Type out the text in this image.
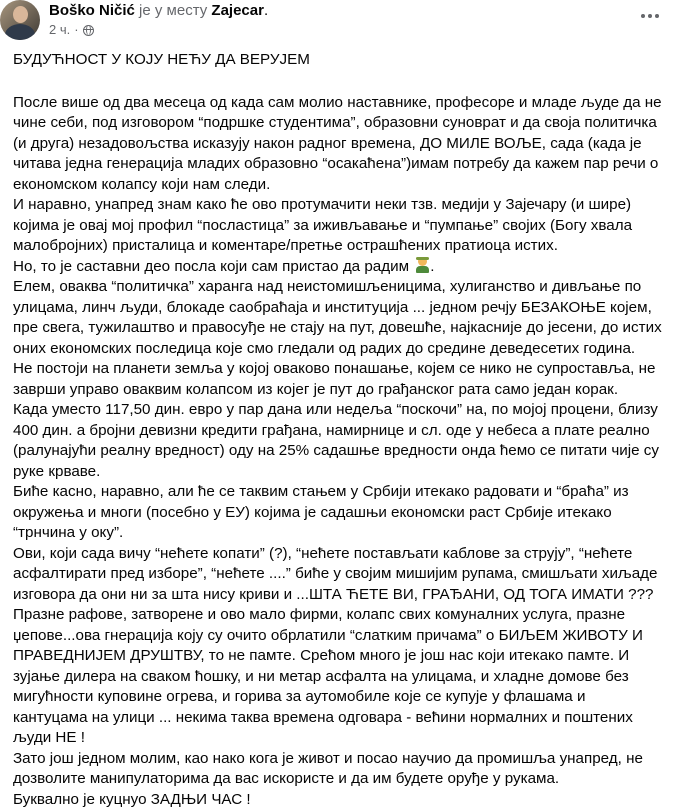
Boško Ničić је у месту Zajecar.
2 ч. ·
БУДУЋНОСТ У КОЈУ НЕЋУ ДА ВЕРУЈЕМ

После више од два месеца од када сам молио наставнике, професоре и младе људе да не чине себи, под изговором “подршке студентима”, образовни суноврат и да своја политичка (и друга) незадовољства исказују након радног времена, ДО МИЛЕ ВОЉЕ, сада (када је читава једна генерација младих образовно “осакаћена”)имам потребу да кажем пар речи о економском колапсу који нам следи.

И наравно, унапред знам како ће ово протумачити неки тзв. медији у Зајечару (и шире) којима је овај мој профил “посластица” за иживљавање и “пумпање” својих (Богу хвала малобројних) присталица и коментаре/претње острашћених пратиоца истих.

Но, то је саставни део посла који сам пристао да радим .

Елем, оваква “политичка” харанга над неистомишљеницима, хулиганство и дивљање по улицама, линч људи, блокаде саобраћаја и институција ... једном речју БЕЗАКОЊЕ којем, пре свега, тужилаштво и правосуђе не стају на пут, довешће, најкасније до јесени, до истих оних економских последица које смо гледали од радих до средине деведесетих година.

Не постоји на планети земља у којој оваково понашање, којем се нико не супроставља, не заврши управо оваквим колапсом из којег је пут до грађанског рата само један корак.

Када уместо 117,50 дин. евро у пар дана или недеља “поскочи” на, по мојој процени, близу 400 дин. а бројни девизни кредити грађана, намирнице и сл. оде у небеса а плате реално (ралунајући реалну вредност) оду на 25% садашње вредности онда ћемо се питати чије су руке крваве.

Биће касно, наравно, али ће се таквим стањем у Србији итекако радовати и “браћа” из окружења и многи (посебно у ЕУ) којима је садашњи економски раст Србије итекако “трнчина у оку”.

Ови, који сада вичу “нећете копати” (?), “нећете постављати каблове за струју”, “нећете асфалтирати пред изборе”, “нећете ....” биће у својим мишијим рупама, смишљати хиљаде изговора да они ни за шта нису криви и ...ШТА ЋЕТЕ ВИ, ГРАЂАНИ, ОД ТОГА ИМАТИ ???

Празне рафове, затворене и ово мало фирми, колапс свих комуналних услуга, празне џепове...ова гнерација коју су очито обрлатили “слатким причама” о БИЉЕМ ЖИВОТУ И ПРАВЕДНИЈЕМ ДРУШТВУ, то не памте. Срећом много је још нас који итекако памте. И зујање дилера на сваком ћошку, и ни метар асфалта на улицама, и хладне домове без мигућности куповине огрева, и горива за аутомобиле које се купује у флашама и кантуцама на улици ... некима таква времена одговара - већини нормалних и поштених људи НЕ !

Зато још једном молим, као нако кога је живот и посао научио да промишља унапред, не дозволите манипулаторима да вас искористе и да им будете оруђе у рукама.

Буквално је куцнуо ЗАДЊИ ЧАС !
